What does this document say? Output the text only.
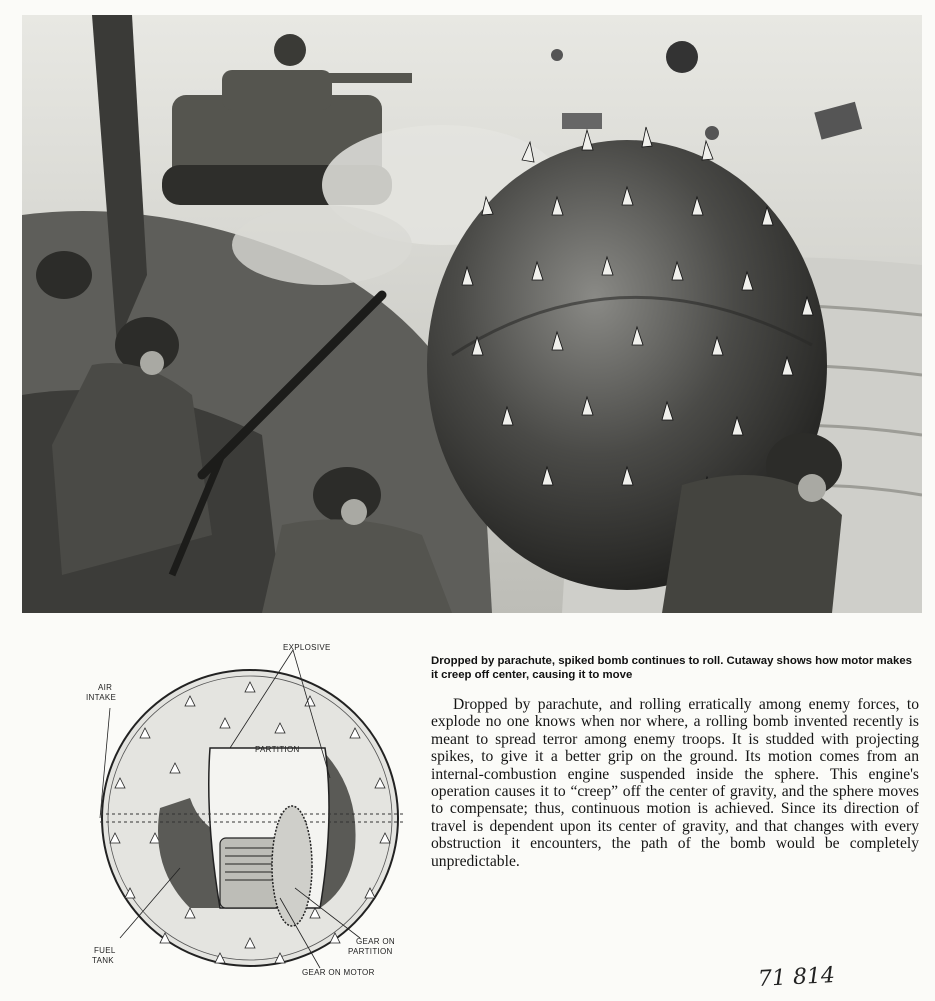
EXPLOSIVE
AIR
INTAKE
PARTITION
FUEL
TANK
GEAR ON
PARTITION
GEAR ON MOTOR
Dropped by parachute, spiked bomb continues to roll. Cutaway shows how motor makes it creep off center, causing it to move

Dropped by parachute, and rolling erratically among enemy forces, to explode no one knows when nor where, a rolling bomb invented recently is meant to spread terror among enemy troops. It is studded with projecting spikes, to give it a better grip on the ground. Its motion comes from an internal-combustion engine suspended inside the sphere. This engine's operation causes it to “creep” off the center of gravity, and the sphere moves to compensate; thus, continuous motion is achieved. Since its direction of travel is dependent upon its center of gravity, and that changes with every obstruction it encounters, the path of the bomb would be completely unpredictable.

71 814
